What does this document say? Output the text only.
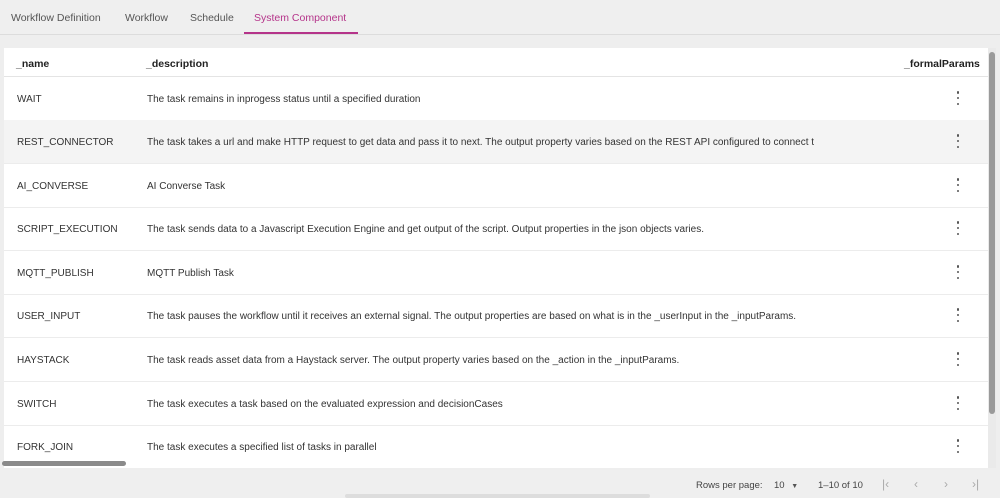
Workflow Definition Workflow Schedule System Component
_name	_description	_formalParams
WAIT	The task remains in inprogess status until a specified duration
REST_CONNECTOR	The task takes a url and make HTTP request to get data and pass it to next. The output property varies based on the REST API configured to connect t
AI_CONVERSE	AI Converse Task
SCRIPT_EXECUTION	The task sends data to a Javascript Execution Engine and get output of the script. Output properties in the json objects varies.
MQTT_PUBLISH	MQTT Publish Task
USER_INPUT	The task pauses the workflow until it receives an external signal. The output properties are based on what is in the _userInput in the _inputParams.
HAYSTACK	The task reads asset data from a Haystack server. The output property varies based on the _action in the _inputParams.
SWITCH	The task executes a task based on the evaluated expression and decisionCases
FORK_JOIN	The task executes a specified list of tasks in parallel
Rows per page: 10 ▼ 1–10 of 10 |‹ ‹ › ›|
